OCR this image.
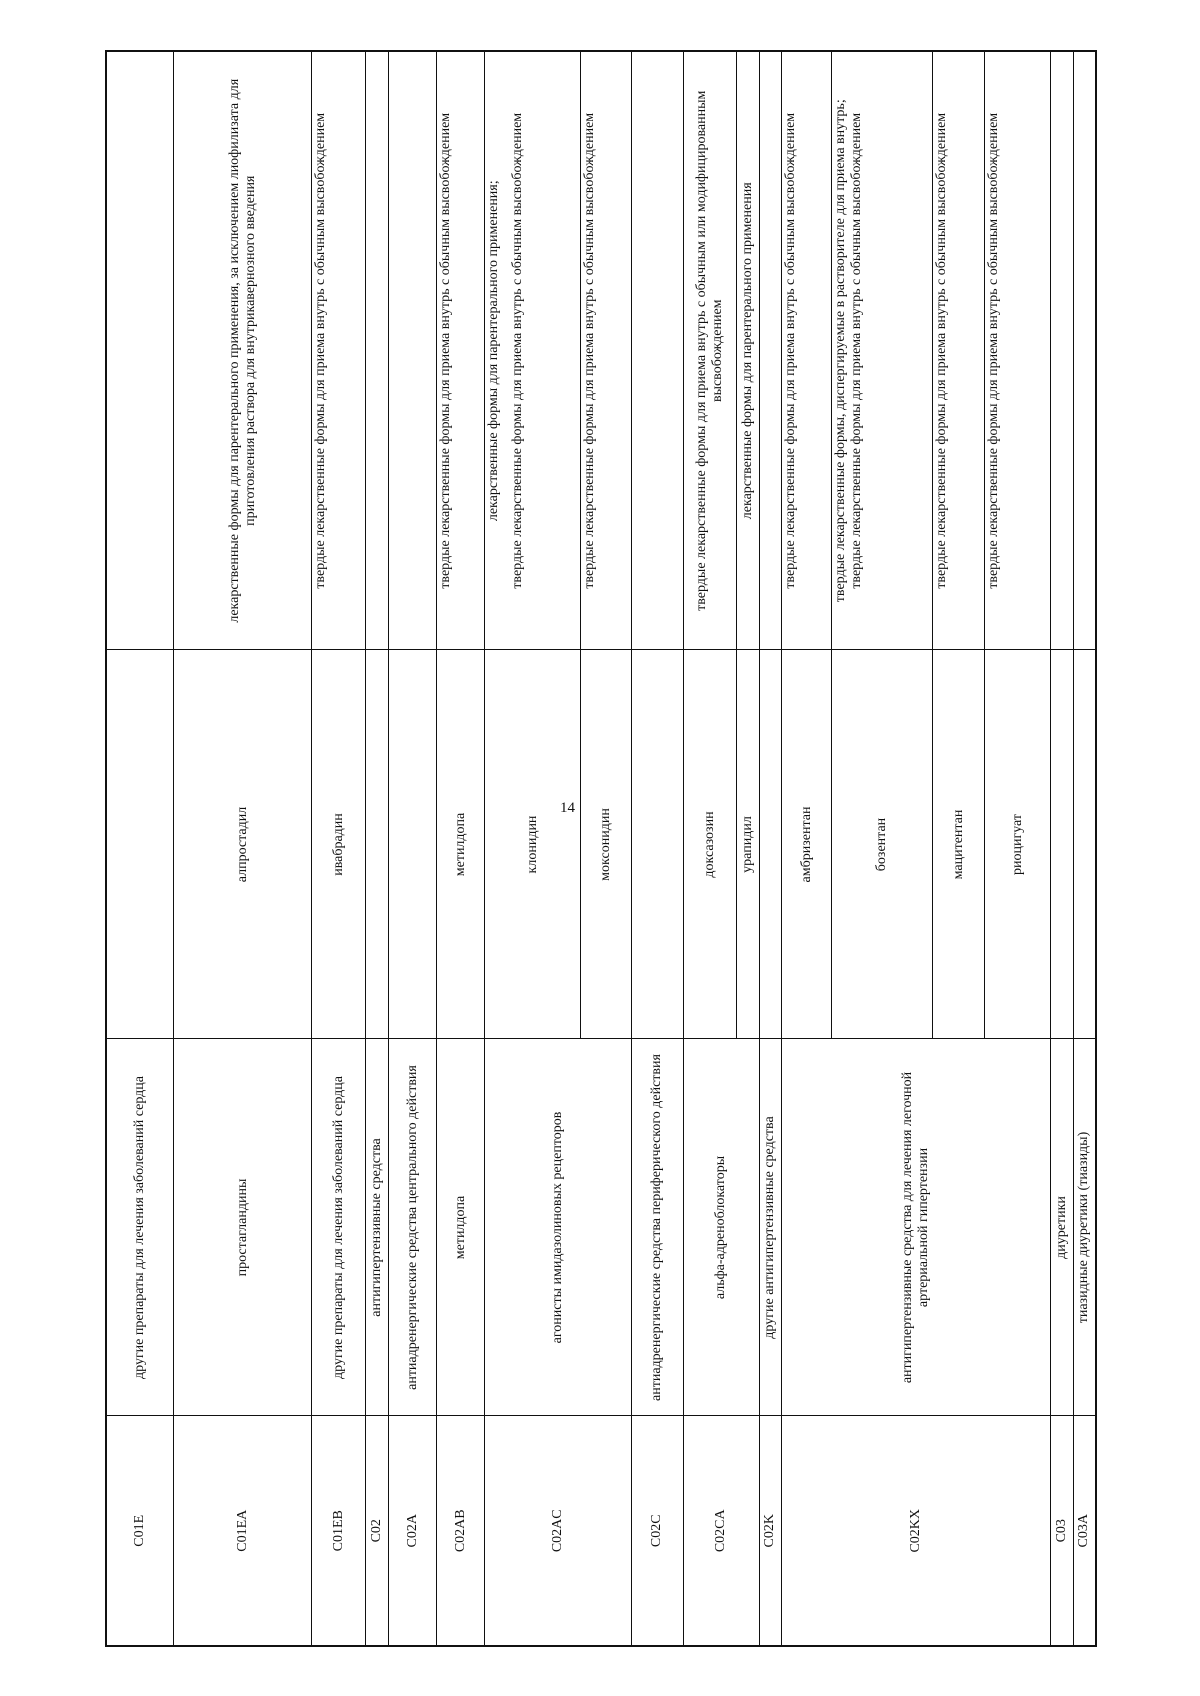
14
C01E	другие препараты для лечения заболеваний сердца		
C01EA	простагландины	алпростадил	лекарственные формы для парентерального применения, за исключением лиофилизата для приготовления раствора для внутрикавернозного введения
C01EB	другие препараты для лечения заболеваний сердца	ивабрадин	твердые лекарственные формы для приема внутрь с обычным высвобождением
C02	антигипертензивные средства		
C02A	антиадренергические средства центрального действия		
C02AB	метилдопа	метилдопа	твердые лекарственные формы для приема внутрь с обычным высвобождением
C02AC	агонисты имидазолиновых рецепторов	клонидин	лекарственные формы для парентерального применения; твердые лекарственные формы для приема внутрь с обычным высвобождением

		моксонидин	твердые лекарственные формы для приема внутрь с обычным высвобождением
C02C	антиадренергические средства периферического действия		
C02CA	альфа-адреноблокаторы	доксазозин	твердые лекарственные формы для приема внутрь с обычным или модифицированным высвобождением
		урапидил	лекарственные формы для парентерального применения
C02K	другие антигипертензивные средства		
C02KX	антигипертензивные средства для лечения легочной артериальной гипертензии	амбризентан	твердые лекарственные формы для приема внутрь с обычным высвобождением
		бозентан	твердые лекарственные формы, диспергируемые в растворителе для приема внутрь; твердые лекарственные формы для приема внутрь с обычным высвобождением

		мацитентан	твердые лекарственные формы для приема внутрь с обычным высвобождением
		риоцигуат	твердые лекарственные формы для приема внутрь с обычным высвобождением
C03	диуретики		
C03A	тиазидные диуретики (тиазиды)		
